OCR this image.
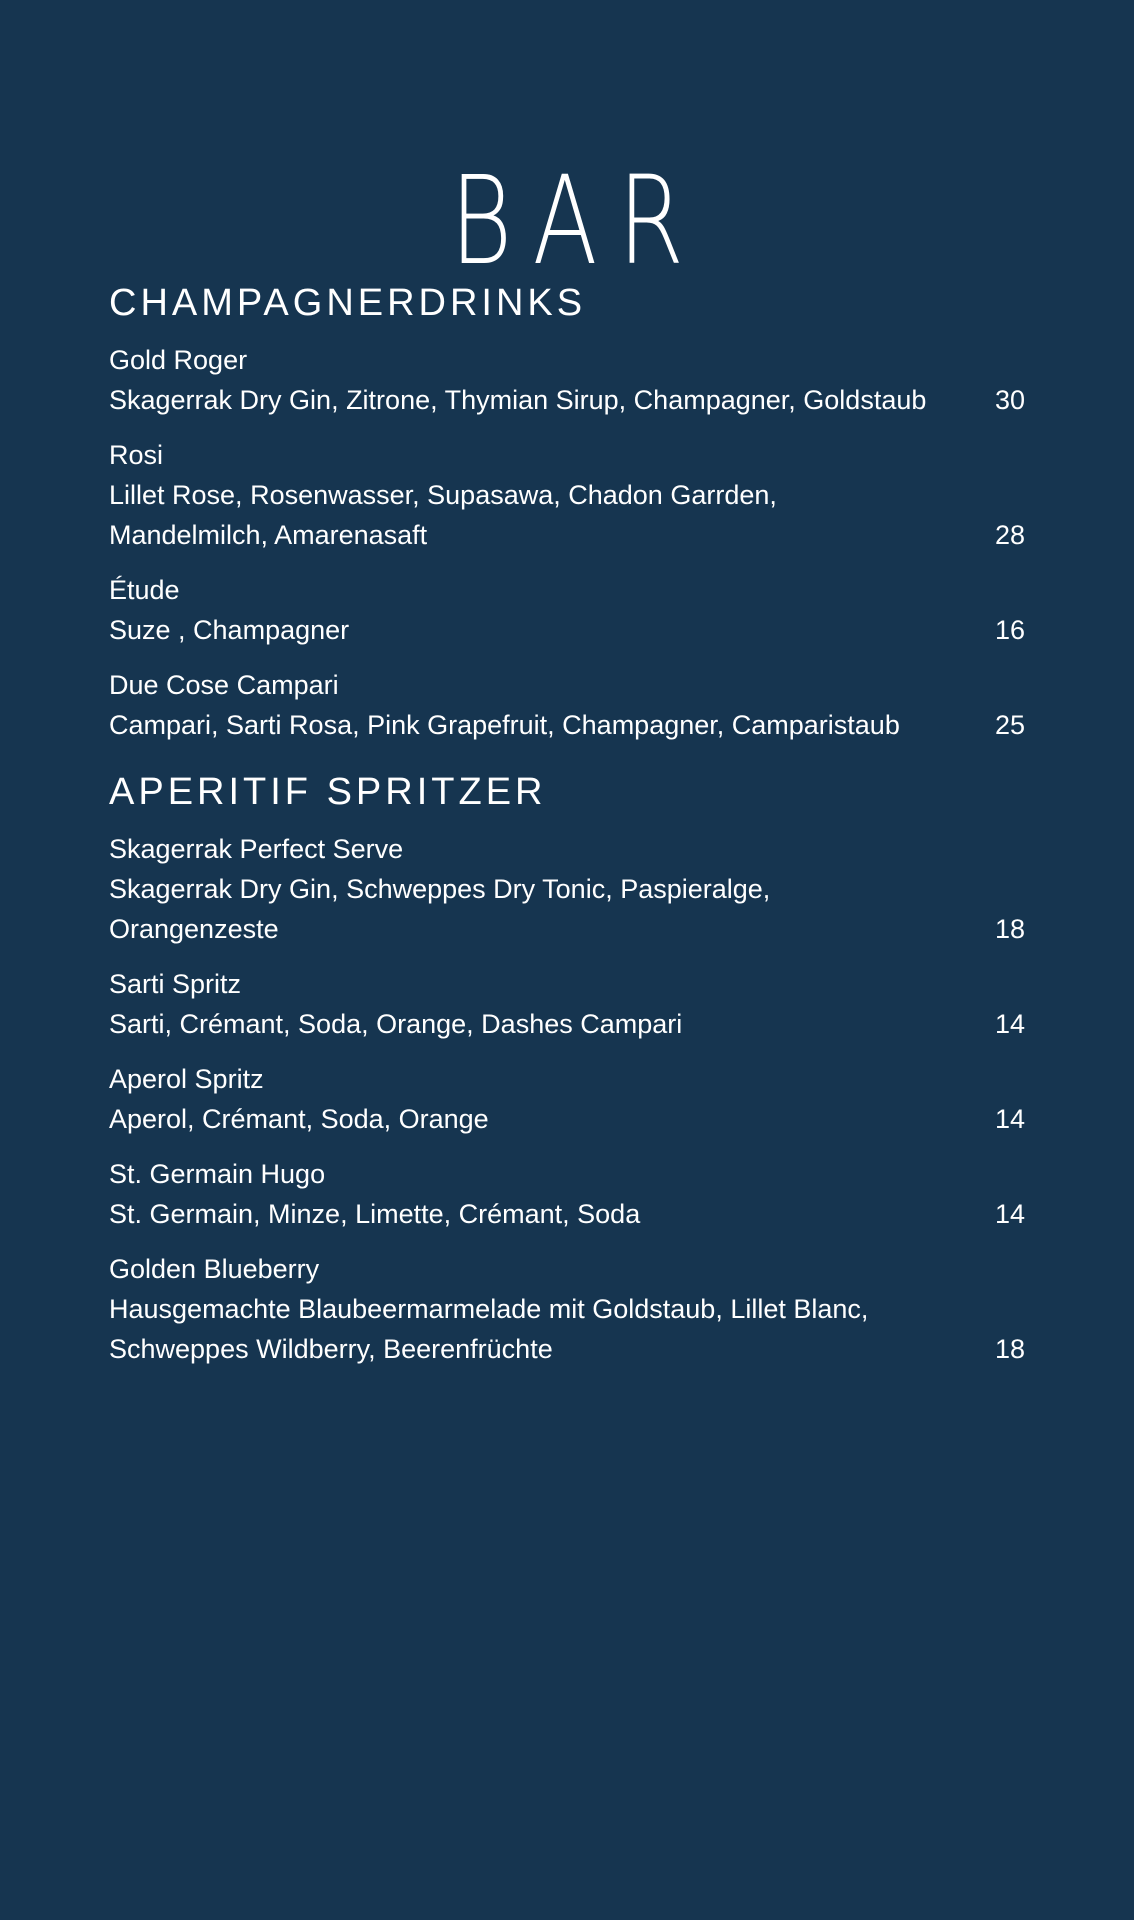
BAR
CHAMPAGNERDRINKS
Gold Roger
Skagerrak Dry Gin, Zitrone, Thymian Sirup, Champagner, Goldstaub	30
Rosi
Lillet Rose, Rosenwasser, Supasawa, Chadon Garrden, Mandelmilch, Amarenasaft	28
Étude
Suze , Champagner	16
Due Cose Campari
Campari, Sarti Rosa, Pink Grapefruit, Champagner, Camparistaub	25
APERITIF SPRITZER
Skagerrak Perfect Serve
Skagerrak Dry Gin, Schweppes Dry Tonic, Paspieralge, Orangenzeste	18
Sarti Spritz
Sarti, Crémant, Soda, Orange, Dashes Campari	14
Aperol Spritz
Aperol, Crémant, Soda, Orange	14
St. Germain Hugo
St. Germain, Minze, Limette, Crémant, Soda	14
Golden Blueberry
Hausgemachte Blaubeermarmelade mit Goldstaub, Lillet Blanc, Schweppes Wildberry, Beerenfrüchte	18
